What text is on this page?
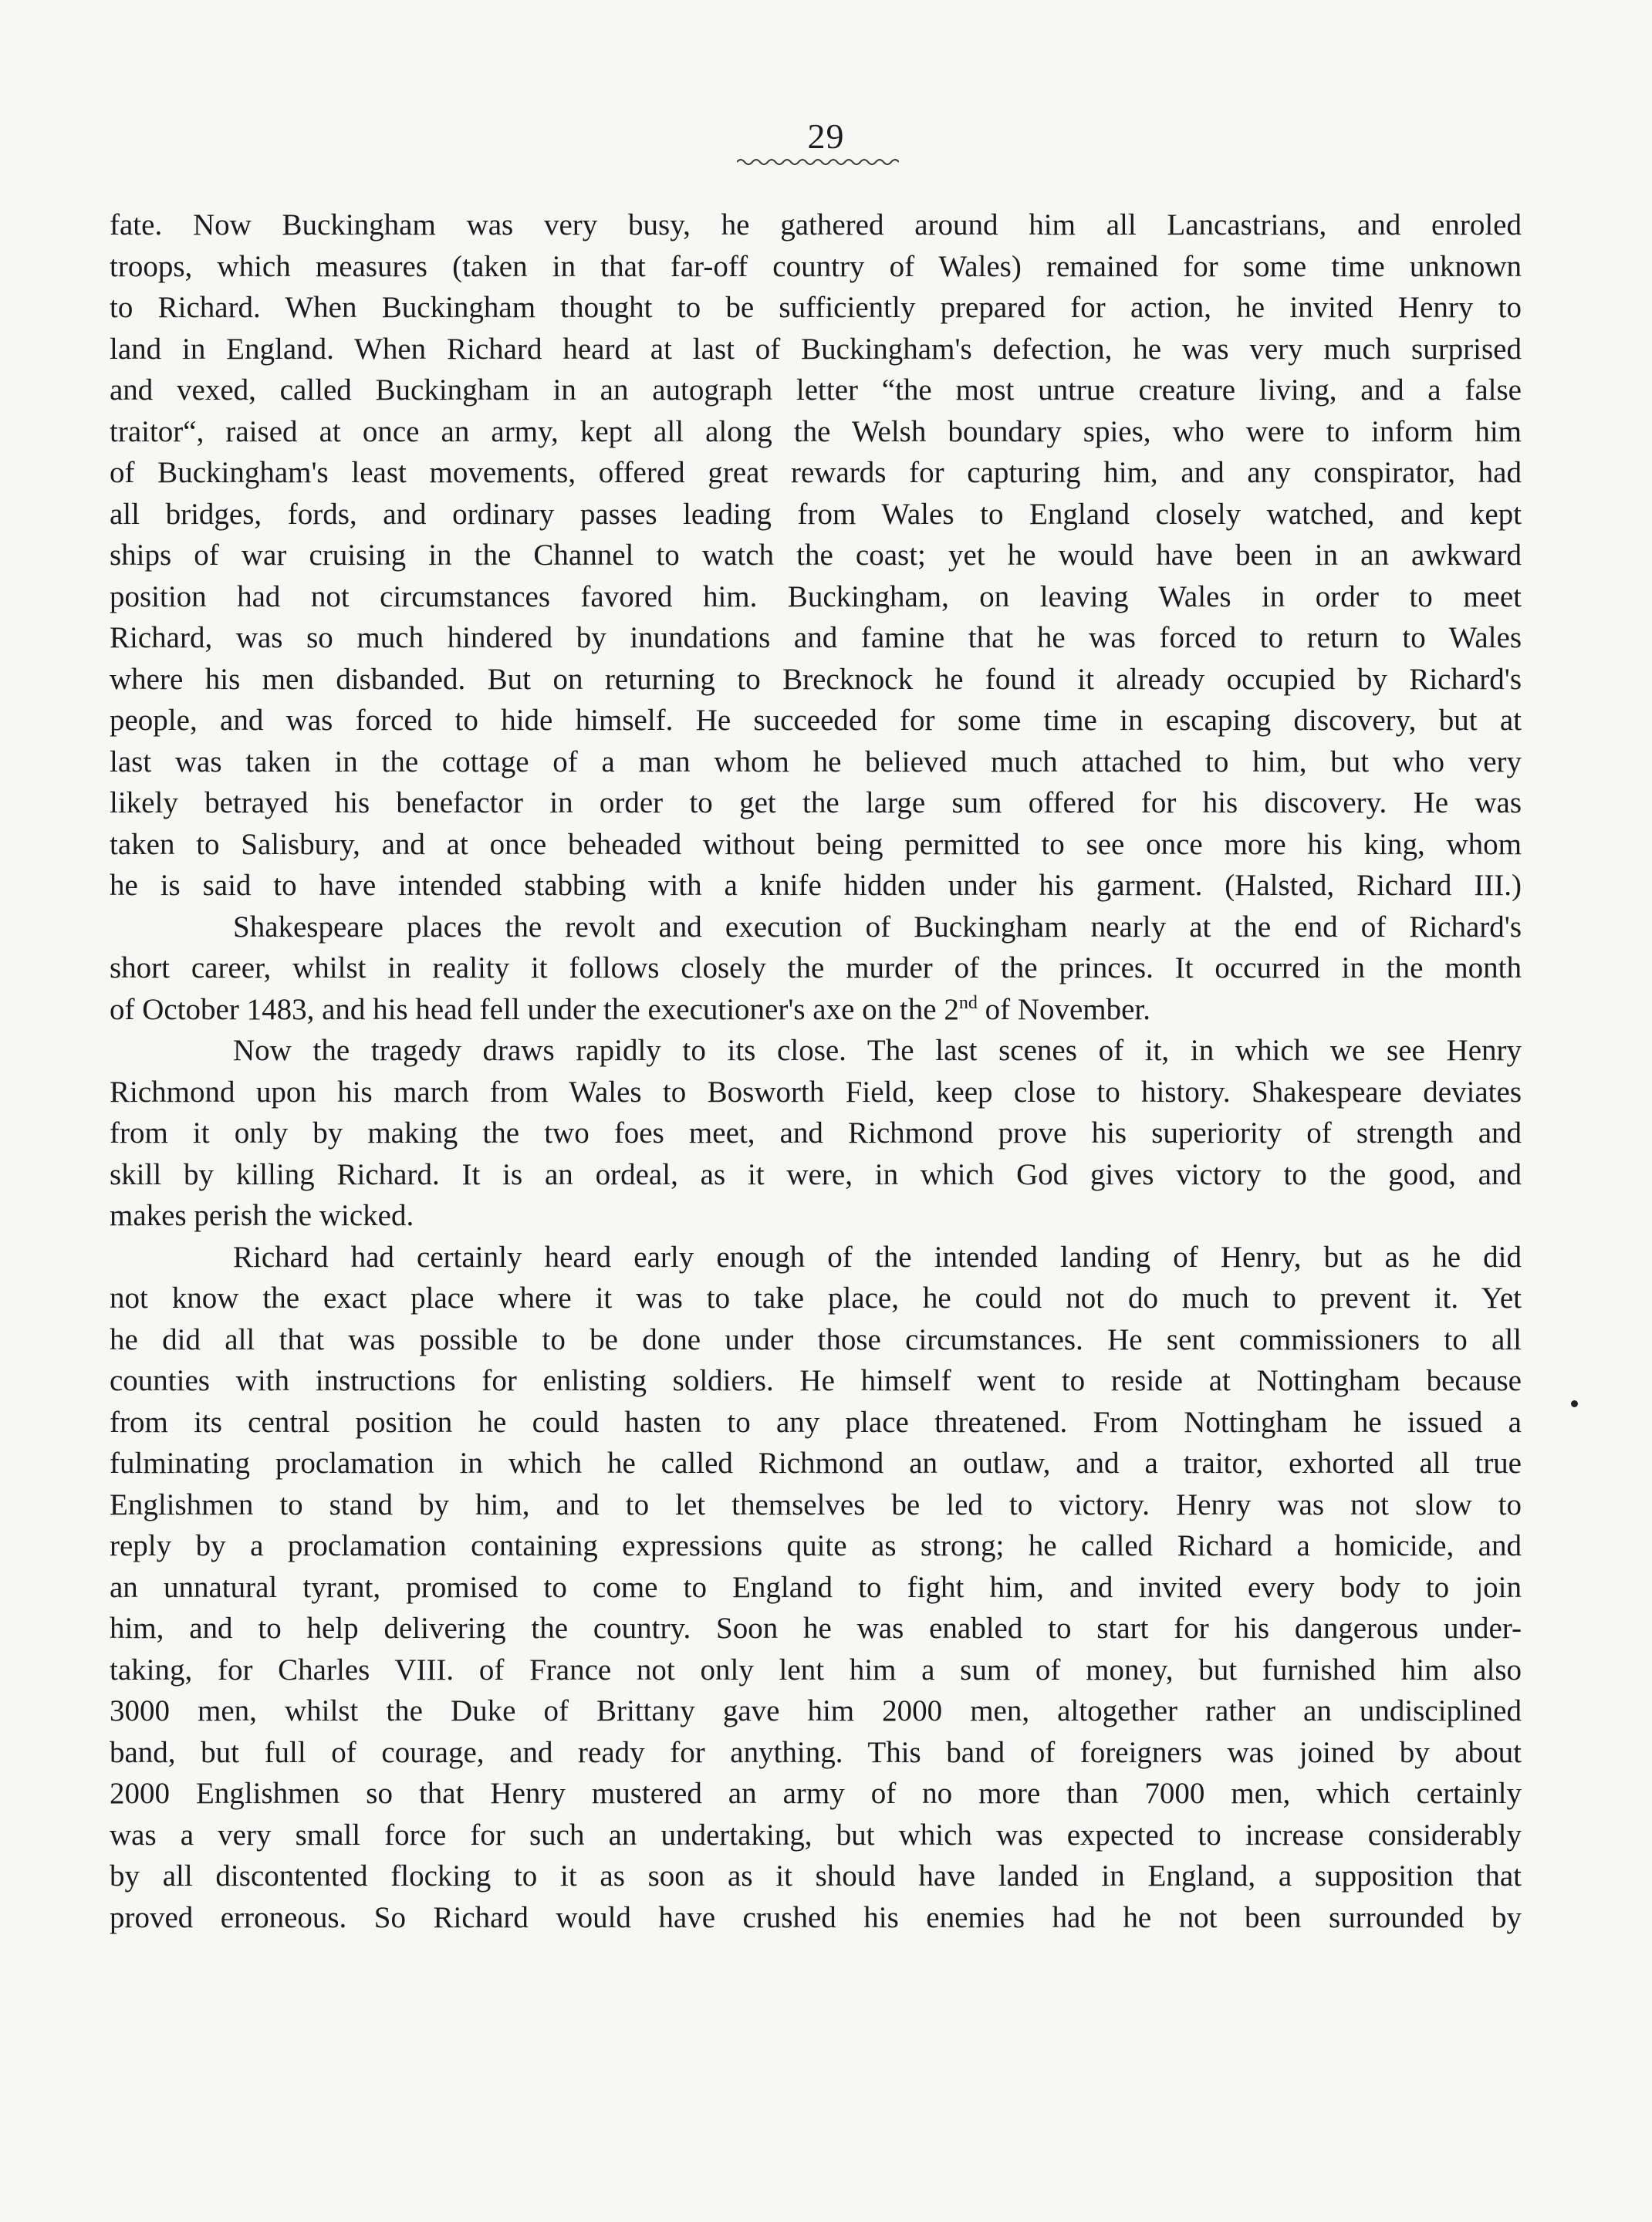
29
fate. Now Buckingham was very busy, he gathered around him all Lancastrians, and enroled
troops, which measures (taken in that far-off country of Wales) remained for some time unknown
to Richard. When Buckingham thought to be sufficiently prepared for action, he invited Henry to
land in England. When Richard heard at last of Buckingham's defection, he was very much surprised
and vexed, called Buckingham in an autograph letter “the most untrue creature living, and a false
traitor“, raised at once an army, kept all along the Welsh boundary spies, who were to inform him
of Buckingham's least movements, offered great rewards for capturing him, and any conspirator, had
all bridges, fords, and ordinary passes leading from Wales to England closely watched, and kept
ships of war cruising in the Channel to watch the coast; yet he would have been in an awkward
position had not circumstances favored him. Buckingham, on leaving Wales in order to meet
Richard, was so much hindered by inundations and famine that he was forced to return to Wales
where his men disbanded. But on returning to Brecknock he found it already occupied by Richard's
people, and was forced to hide himself. He succeeded for some time in escaping discovery, but at
last was taken in the cottage of a man whom he believed much attached to him, but who very
likely betrayed his benefactor in order to get the large sum offered for his discovery. He was
taken to Salisbury, and at once beheaded without being permitted to see once more his king, whom
he is said to have intended stabbing with a knife hidden under his garment. (Halsted, Richard III.)
Shakespeare places the revolt and execution of Buckingham nearly at the end of Richard's
short career, whilst in reality it follows closely the murder of the princes. It occurred in the month
of October 1483, and his head fell under the executioner's axe on the 2nd of November.
Now the tragedy draws rapidly to its close. The last scenes of it, in which we see Henry
Richmond upon his march from Wales to Bosworth Field, keep close to history. Shakespeare deviates
from it only by making the two foes meet, and Richmond prove his superiority of strength and
skill by killing Richard. It is an ordeal, as it were, in which God gives victory to the good, and
makes perish the wicked.
Richard had certainly heard early enough of the intended landing of Henry, but as he did
not know the exact place where it was to take place, he could not do much to prevent it. Yet
he did all that was possible to be done under those circumstances. He sent commissioners to all
counties with instructions for enlisting soldiers. He himself went to reside at Nottingham because
from its central position he could hasten to any place threatened. From Nottingham he issued a
fulminating proclamation in which he called Richmond an outlaw, and a traitor, exhorted all true
Englishmen to stand by him, and to let themselves be led to victory. Henry was not slow to
reply by a proclamation containing expressions quite as strong; he called Richard a homicide, and
an unnatural tyrant, promised to come to England to fight him, and invited every body to join
him, and to help delivering the country. Soon he was enabled to start for his dangerous under-
taking, for Charles VIII. of France not only lent him a sum of money, but furnished him also
3000 men, whilst the Duke of Brittany gave him 2000 men, altogether rather an undisciplined
band, but full of courage, and ready for anything. This band of foreigners was joined by about
2000 Englishmen so that Henry mustered an army of no more than 7000 men, which certainly
was a very small force for such an undertaking, but which was expected to increase considerably
by all discontented flocking to it as soon as it should have landed in England, a supposition that
proved erroneous. So Richard would have crushed his enemies had he not been surrounded by
